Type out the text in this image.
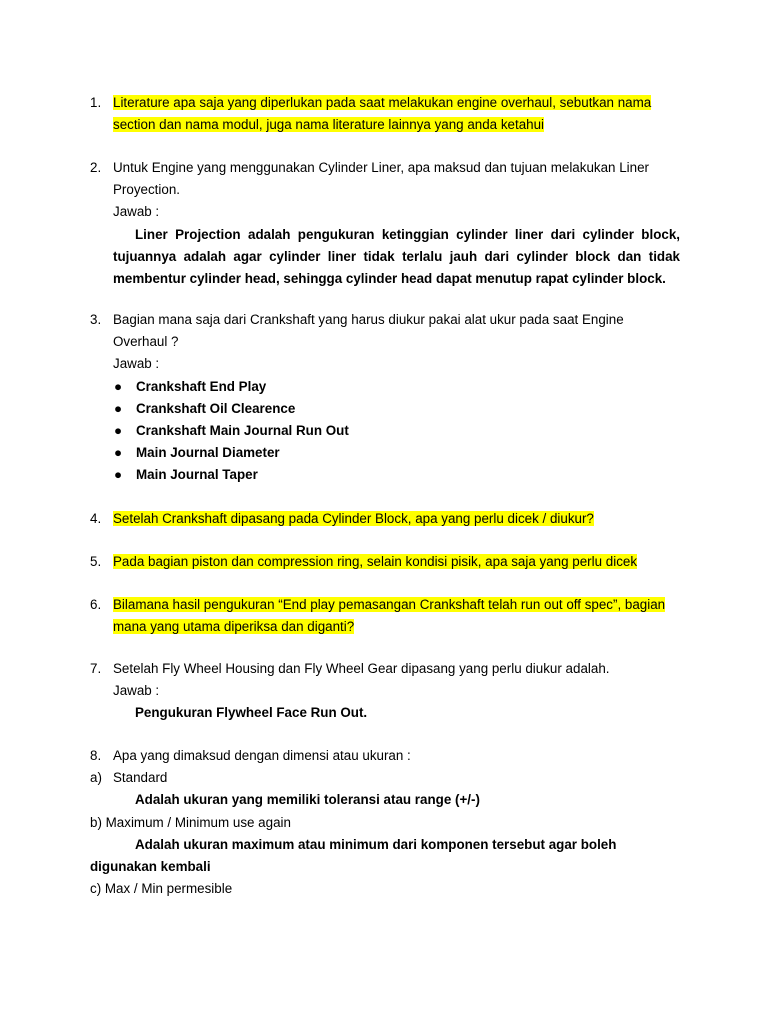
1. Literature apa saja yang diperlukan pada saat melakukan engine overhaul, sebutkan nama section dan nama modul, juga nama literature lainnya yang anda ketahui
2. Untuk Engine yang menggunakan Cylinder Liner, apa maksud dan tujuan melakukan Liner Proyection.
Jawab :
Liner Projection adalah pengukuran ketinggian cylinder liner dari cylinder block, tujuannya adalah agar cylinder liner tidak terlalu jauh dari cylinder block dan tidak membentur cylinder head, sehingga cylinder head dapat menutup rapat cylinder block.
3. Bagian mana saja dari Crankshaft yang harus diukur pakai alat ukur pada saat Engine Overhaul ?
Jawab :
● Crankshaft End Play
● Crankshaft Oil Clearence
● Crankshaft Main Journal Run Out
● Main Journal Diameter
● Main Journal Taper
4. Setelah Crankshaft dipasang pada Cylinder Block, apa yang perlu dicek / diukur?
5. Pada bagian piston dan compression ring, selain kondisi pisik, apa saja yang perlu dicek
6. Bilamana hasil pengukuran “End play pemasangan Crankshaft telah run out off spec”, bagian mana yang utama diperiksa dan diganti?
7. Setelah Fly Wheel Housing dan Fly Wheel Gear dipasang yang perlu diukur adalah.
Jawab :
Pengukuran Flywheel Face Run Out.
8. Apa yang dimaksud dengan dimensi atau ukuran :
a) Standard
Adalah ukuran yang memiliki toleransi atau range (+/-)
b) Maximum / Minimum use again
Adalah ukuran maximum atau minimum dari komponen tersebut agar boleh digunakan kembali
c) Max / Min permesible
